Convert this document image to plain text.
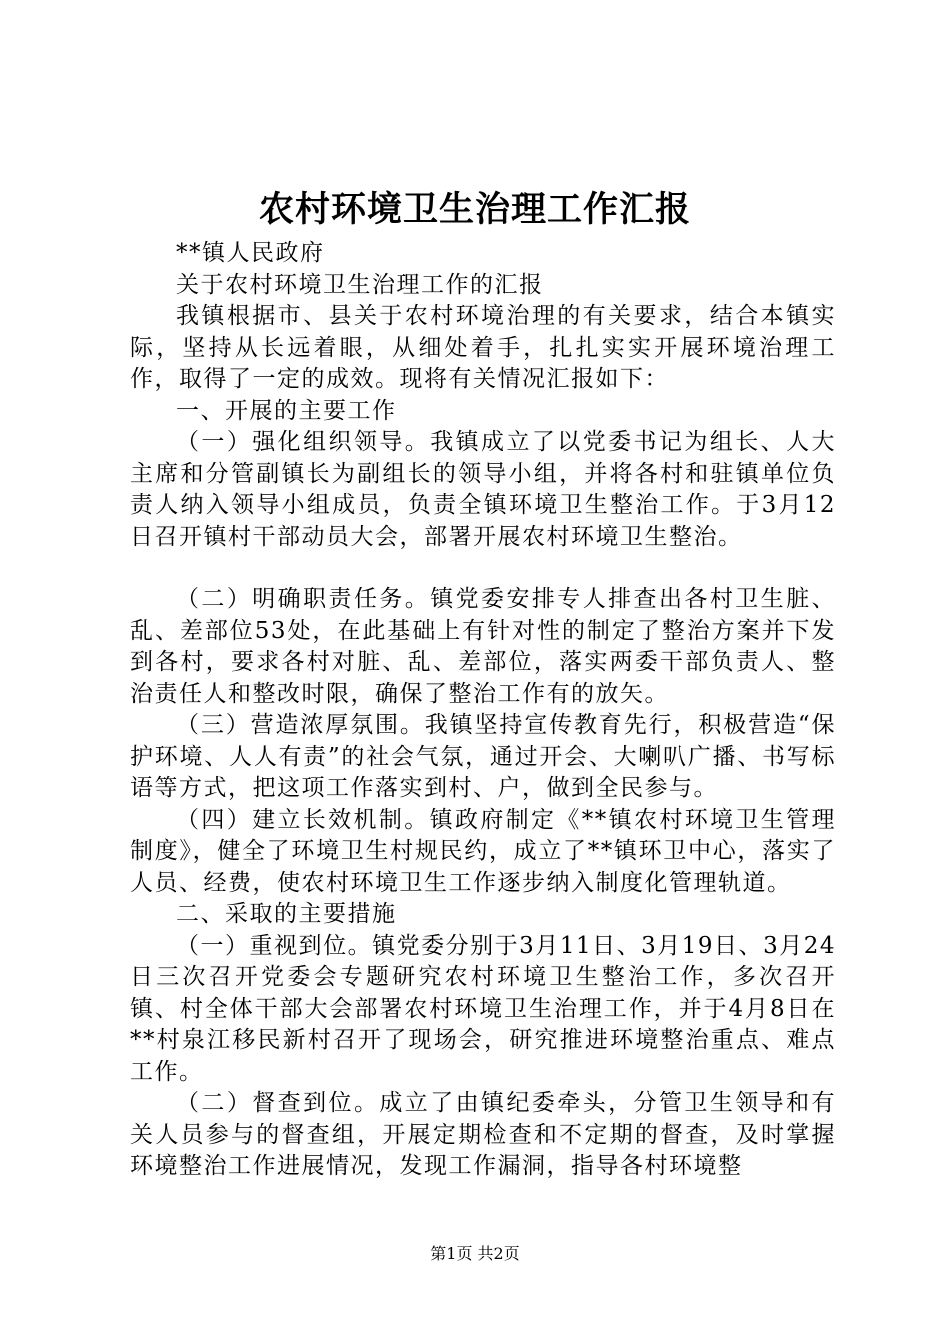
农村环境卫生治理工作汇报

**镇人民政府

关于农村环境卫生治理工作的汇报

我镇根据市、县关于农村环境治理的有关要求，结合本镇实际，坚持从长远着眼，从细处着手，扎扎实实开展环境治理工作，取得了一定的成效。现将有关情况汇报如下：

一、开展的主要工作

（一）强化组织领导。我镇成立了以党委书记为组长、人大主席和分管副镇长为副组长的领导小组，并将各村和驻镇单位负责人纳入领导小组成员，负责全镇环境卫生整治工作。于3月12日召开镇村干部动员大会，部署开展农村环境卫生整治。

（二）明确职责任务。镇党委安排专人排查出各村卫生脏、乱、差部位53处，在此基础上有针对性的制定了整治方案并下发到各村，要求各村对脏、乱、差部位，落实两委干部负责人、整治责任人和整改时限，确保了整治工作有的放矢。

（三）营造浓厚氛围。我镇坚持宣传教育先行，积极营造“保护环境、人人有责”的社会气氛，通过开会、大喇叭广播、书写标语等方式，把这项工作落实到村、户，做到全民参与。

（四）建立长效机制。镇政府制定《**镇农村环境卫生管理制度》，健全了环境卫生村规民约，成立了**镇环卫中心，落实了人员、经费，使农村环境卫生工作逐步纳入制度化管理轨道。

二、采取的主要措施

（一）重视到位。镇党委分别于3月11日、3月19日、3月24日三次召开党委会专题研究农村环境卫生整治工作，多次召开镇、村全体干部大会部署农村环境卫生治理工作，并于4月8日在**村泉江移民新村召开了现场会，研究推进环境整治重点、难点工作。

（二）督查到位。成立了由镇纪委牵头，分管卫生领导和有关人员参与的督查组，开展定期检查和不定期的督查，及时掌握环境整治工作进展情况，发现工作漏洞，指导各村环境整

第1页 共2页
